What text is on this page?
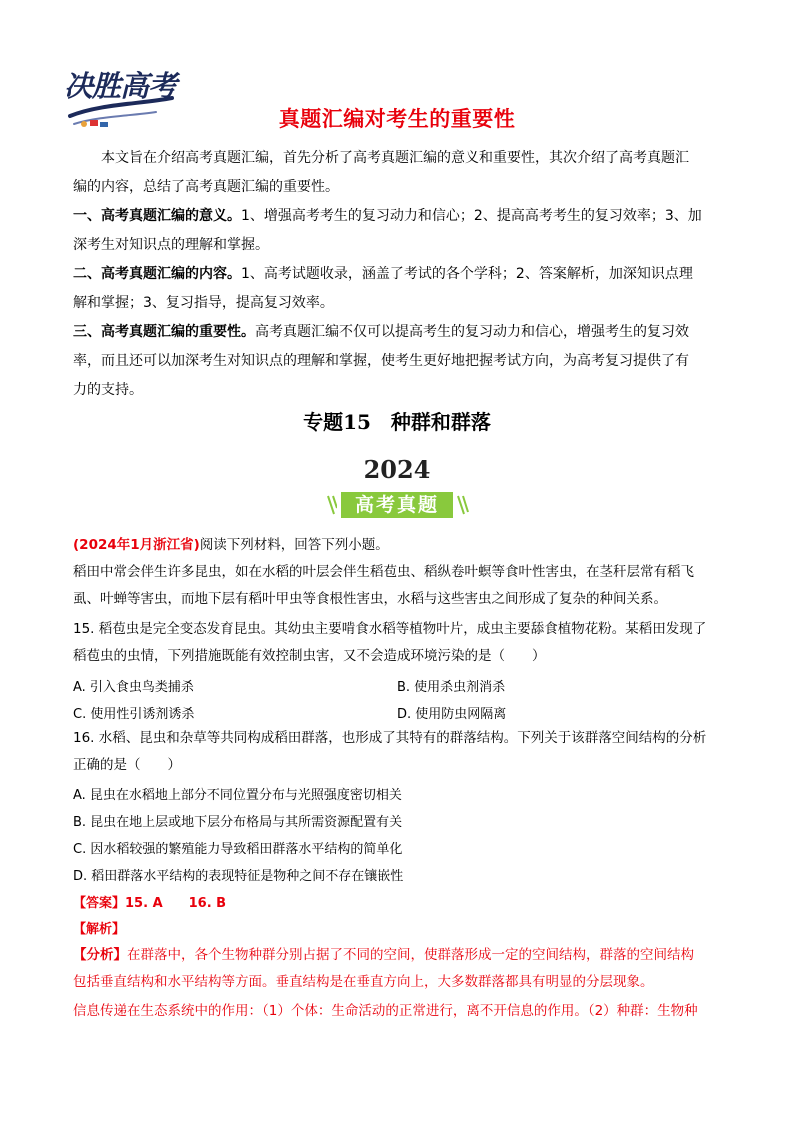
决胜高考
真题汇编对考生的重要性
本文旨在介绍高考真题汇编，首先分析了高考真题汇编的意义和重要性，其次介绍了高考真题汇
编的内容，总结了高考真题汇编的重要性。
一、高考真题汇编的意义。1、增强高考考生的复习动力和信心；2、提高高考考生的复习效率；3、加
深考生对知识点的理解和掌握。
二、高考真题汇编的内容。1、高考试题收录，涵盖了考试的各个学科；2、答案解析，加深知识点理
解和掌握；3、复习指导，提高复习效率。
三、高考真题汇编的重要性。高考真题汇编不仅可以提高考生的复习动力和信心，增强考生的复习效
率，而且还可以加深考生对知识点的理解和掌握，使考生更好地把握考试方向，为高考复习提供了有
力的支持。
专题15　种群和群落
2024
高考真题
(2024年1月浙江省)阅读下列材料，回答下列小题。
稻田中常会伴生许多昆虫，如在水稻的叶层会伴生稻苞虫、稻纵卷叶螟等食叶性害虫，在茎秆层常有稻飞
虱、叶蝉等害虫，而地下层有稻叶甲虫等食根性害虫，水稻与这些害虫之间形成了复杂的种间关系。
15. 稻苞虫是完全变态发育昆虫。其幼虫主要啃食水稻等植物叶片，成虫主要舔食植物花粉。某稻田发现了
稻苞虫的虫情，下列措施既能有效控制虫害，又不会造成环境污染的是（　　）
A. 引入食虫鸟类捕杀	B. 使用杀虫剂消杀
C. 使用性引诱剂诱杀	D. 使用防虫网隔离
16. 水稻、昆虫和杂草等共同构成稻田群落，也形成了其特有的群落结构。下列关于该群落空间结构的分析
正确的是（　　）
A. 昆虫在水稻地上部分不同位置分布与光照强度密切相关
B. 昆虫在地上层或地下层分布格局与其所需资源配置有关
C. 因水稻较强的繁殖能力导致稻田群落水平结构的简单化
D. 稻田群落水平结构的表现特征是物种之间不存在镶嵌性
【答案】15. A　　16. B
【解析】
【分析】在群落中，各个生物种群分别占据了不同的空间，使群落形成一定的空间结构，群落的空间结构
包括垂直结构和水平结构等方面。垂直结构是在垂直方向上，大多数群落都具有明显的分层现象。
信息传递在生态系统中的作用：（1）个体：生命活动的正常进行，离不开信息的作用。（2）种群：生物种
